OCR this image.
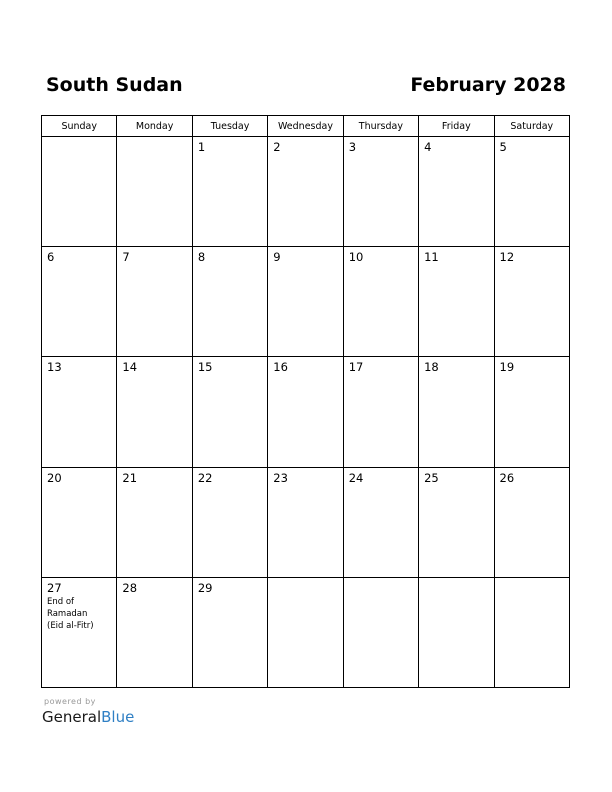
South Sudan	February 2028
Sunday	Monday	Tuesday	Wednesday	Thursday	Friday	Saturday

		1	2	3	4	5

6	7	8	9	10	11	12

13	14	15	16	17	18	19

20	21	22	23	24	25	26

27
End of Ramadan
(Eid al-Fitr)	28	29				

powered by
GeneralBlue
